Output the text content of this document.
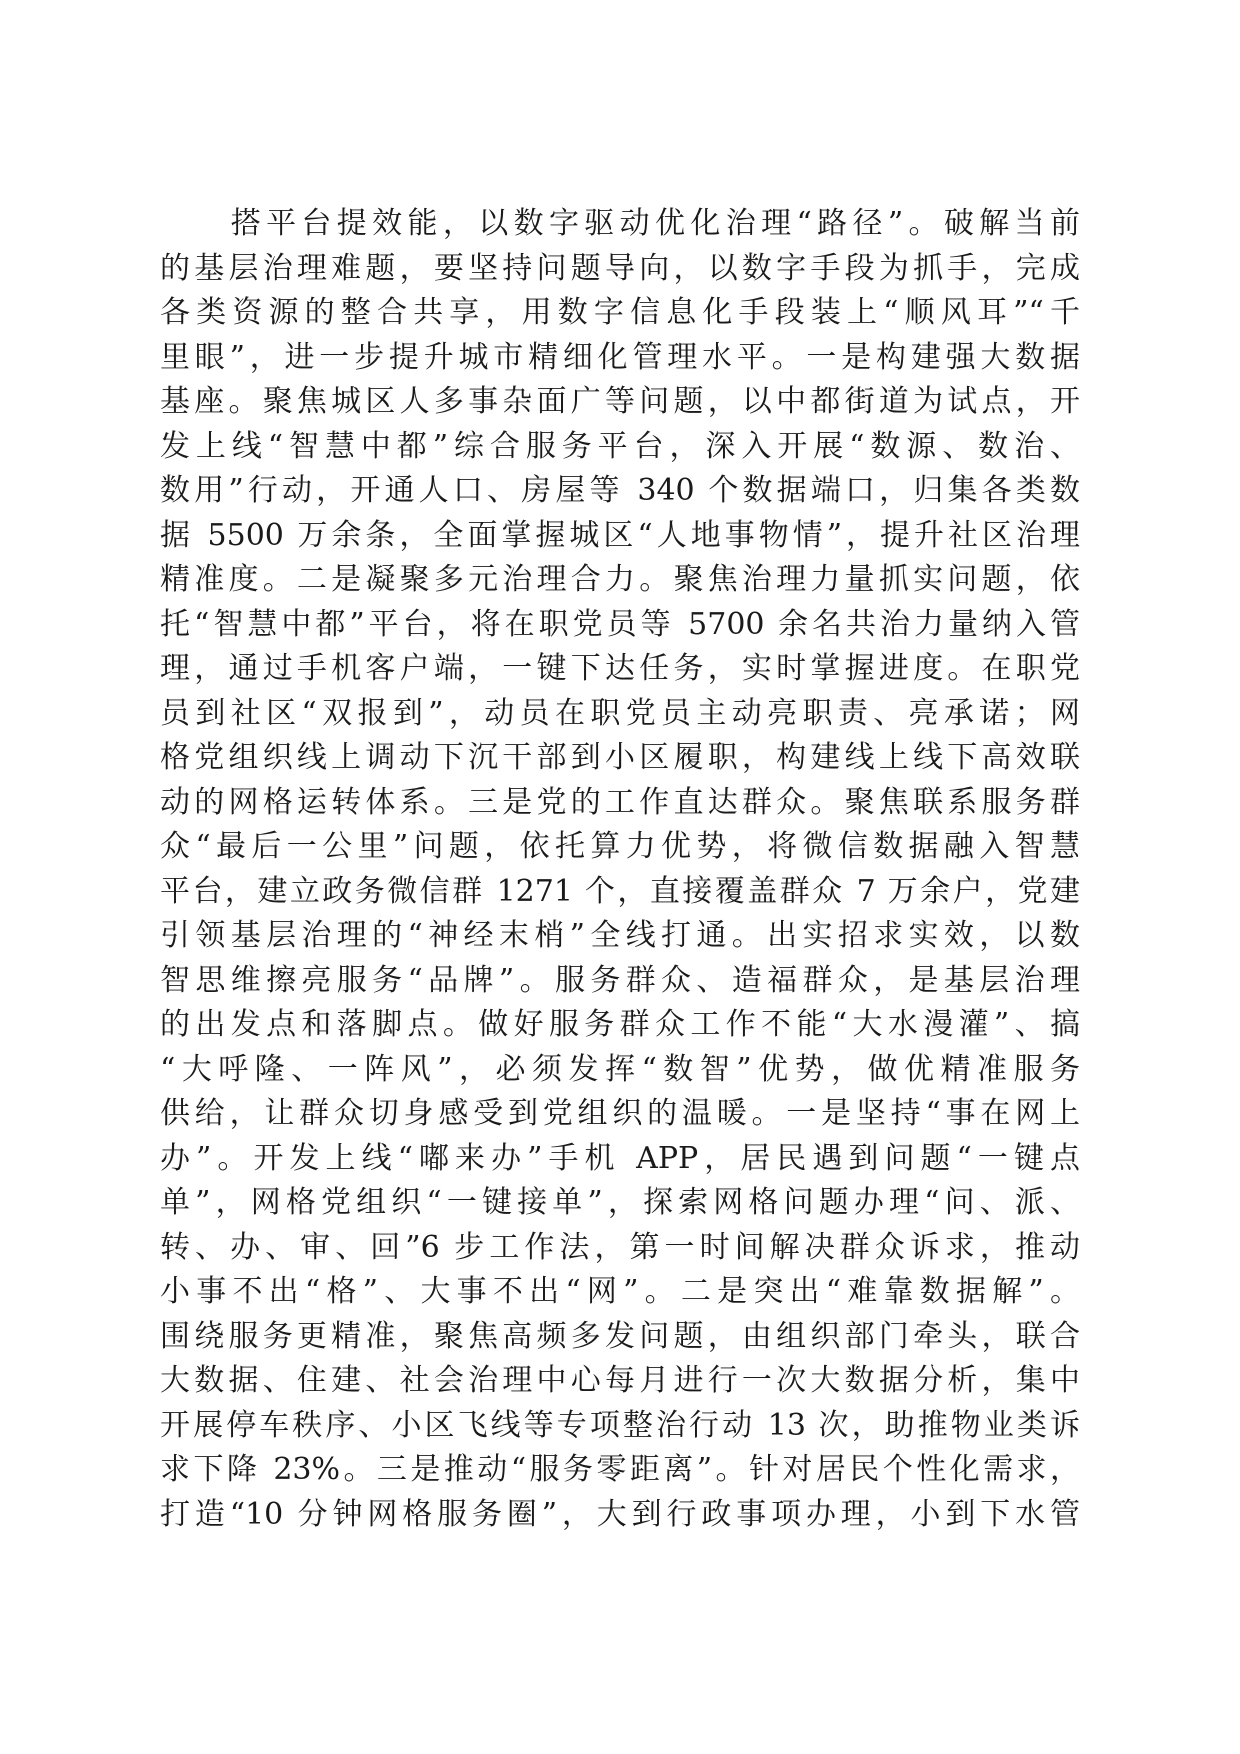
　　搭平台提效能，以数字驱动优化治理“路径”。破解当前
的基层治理难题，要坚持问题导向，以数字手段为抓手，完成
各类资源的整合共享，用数字信息化手段装上“顺风耳”“千
里眼”，进一步提升城市精细化管理水平。一是构建强大数据
基座。聚焦城区人多事杂面广等问题，以中都街道为试点，开
发上线“智慧中都”综合服务平台，深入开展“数源、数治、
数用”行动，开通人口、房屋等 340 个数据端口，归集各类数
据 5500 万余条，全面掌握城区“人地事物情”，提升社区治理
精准度。二是凝聚多元治理合力。聚焦治理力量抓实问题，依
托“智慧中都”平台，将在职党员等 5700 余名共治力量纳入管
理，通过手机客户端，一键下达任务，实时掌握进度。在职党
员到社区“双报到”，动员在职党员主动亮职责、亮承诺；网
格党组织线上调动下沉干部到小区履职，构建线上线下高效联
动的网格运转体系。三是党的工作直达群众。聚焦联系服务群
众“最后一公里”问题，依托算力优势，将微信数据融入智慧
平台，建立政务微信群 1271 个，直接覆盖群众 7 万余户，党建
引领基层治理的“神经末梢”全线打通。出实招求实效，以数
智思维擦亮服务“品牌”。服务群众、造福群众，是基层治理
的出发点和落脚点。做好服务群众工作不能“大水漫灌”、搞
“大呼隆、一阵风”，必须发挥“数智”优势，做优精准服务
供给，让群众切身感受到党组织的温暖。一是坚持“事在网上
办”。开发上线“嘟来办”手机 APP，居民遇到问题“一键点
单”，网格党组织“一键接单”，探索网格问题办理“问、派、
转、办、审、回”6 步工作法，第一时间解决群众诉求，推动
小事不出“格”、大事不出“网”。二是突出“难靠数据解”。
围绕服务更精准，聚焦高频多发问题，由组织部门牵头，联合
大数据、住建、社会治理中心每月进行一次大数据分析，集中
开展停车秩序、小区飞线等专项整治行动 13 次，助推物业类诉
求下降 23%。三是推动“服务零距离”。针对居民个性化需求，
打造“10 分钟网格服务圈”，大到行政事项办理，小到下水管
